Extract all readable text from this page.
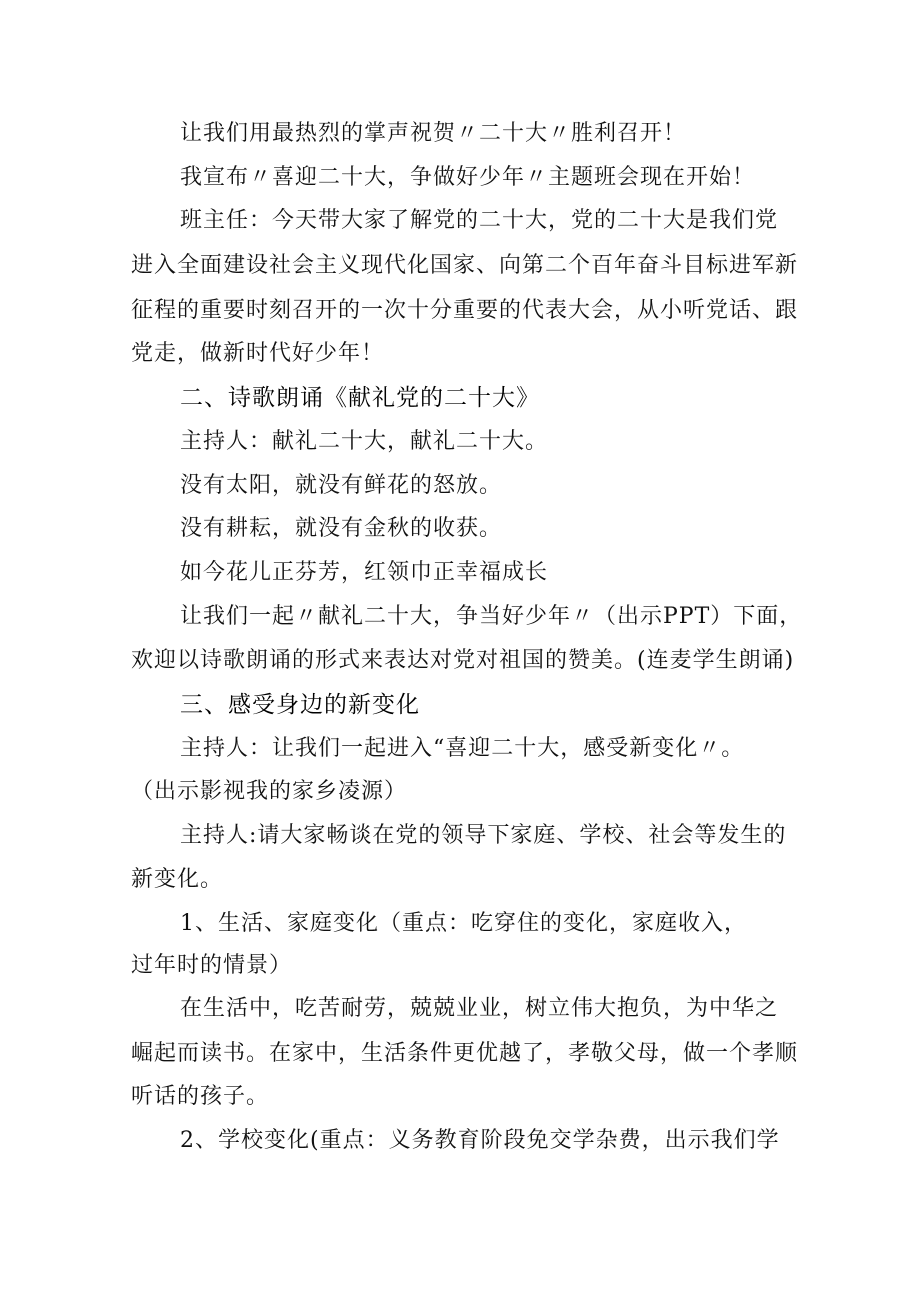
让我们用最热烈的掌声祝贺〃二十大〃胜利召开！
我宣布〃喜迎二十大，争做好少年〃主题班会现在开始！
班主任：今天带大家了解党的二十大，党的二十大是我们党
进入全面建设社会主义现代化国家、向第二个百年奋斗目标进军新
征程的重要时刻召开的一次十分重要的代表大会，从小听党话、跟
党走，做新时代好少年！
二、诗歌朗诵《献礼党的二十大》
主持人：献礼二十大，献礼二十大。
没有太阳，就没有鲜花的怒放。
没有耕耘，就没有金秋的收获。
如今花儿正芬芳，红领巾正幸福成长
让我们一起〃献礼二十大，争当好少年〃（出示PPT）下面，
欢迎以诗歌朗诵的形式来表达对党对祖国的赞美。(连麦学生朗诵)
三、感受身边的新变化
主持人：让我们一起进入“喜迎二十大，感受新变化〃。
（出示影视我的家乡凌源）
主持人:请大家畅谈在党的领导下家庭、学校、社会等发生的
新变化。
1、生活、家庭变化（重点：吃穿住的变化，家庭收入，
过年时的情景）
在生活中，吃苦耐劳，兢兢业业，树立伟大抱负，为中华之
崛起而读书。在家中，生活条件更优越了，孝敬父母，做一个孝顺
听话的孩子。
2、学校变化(重点：义务教育阶段免交学杂费，出示我们学
